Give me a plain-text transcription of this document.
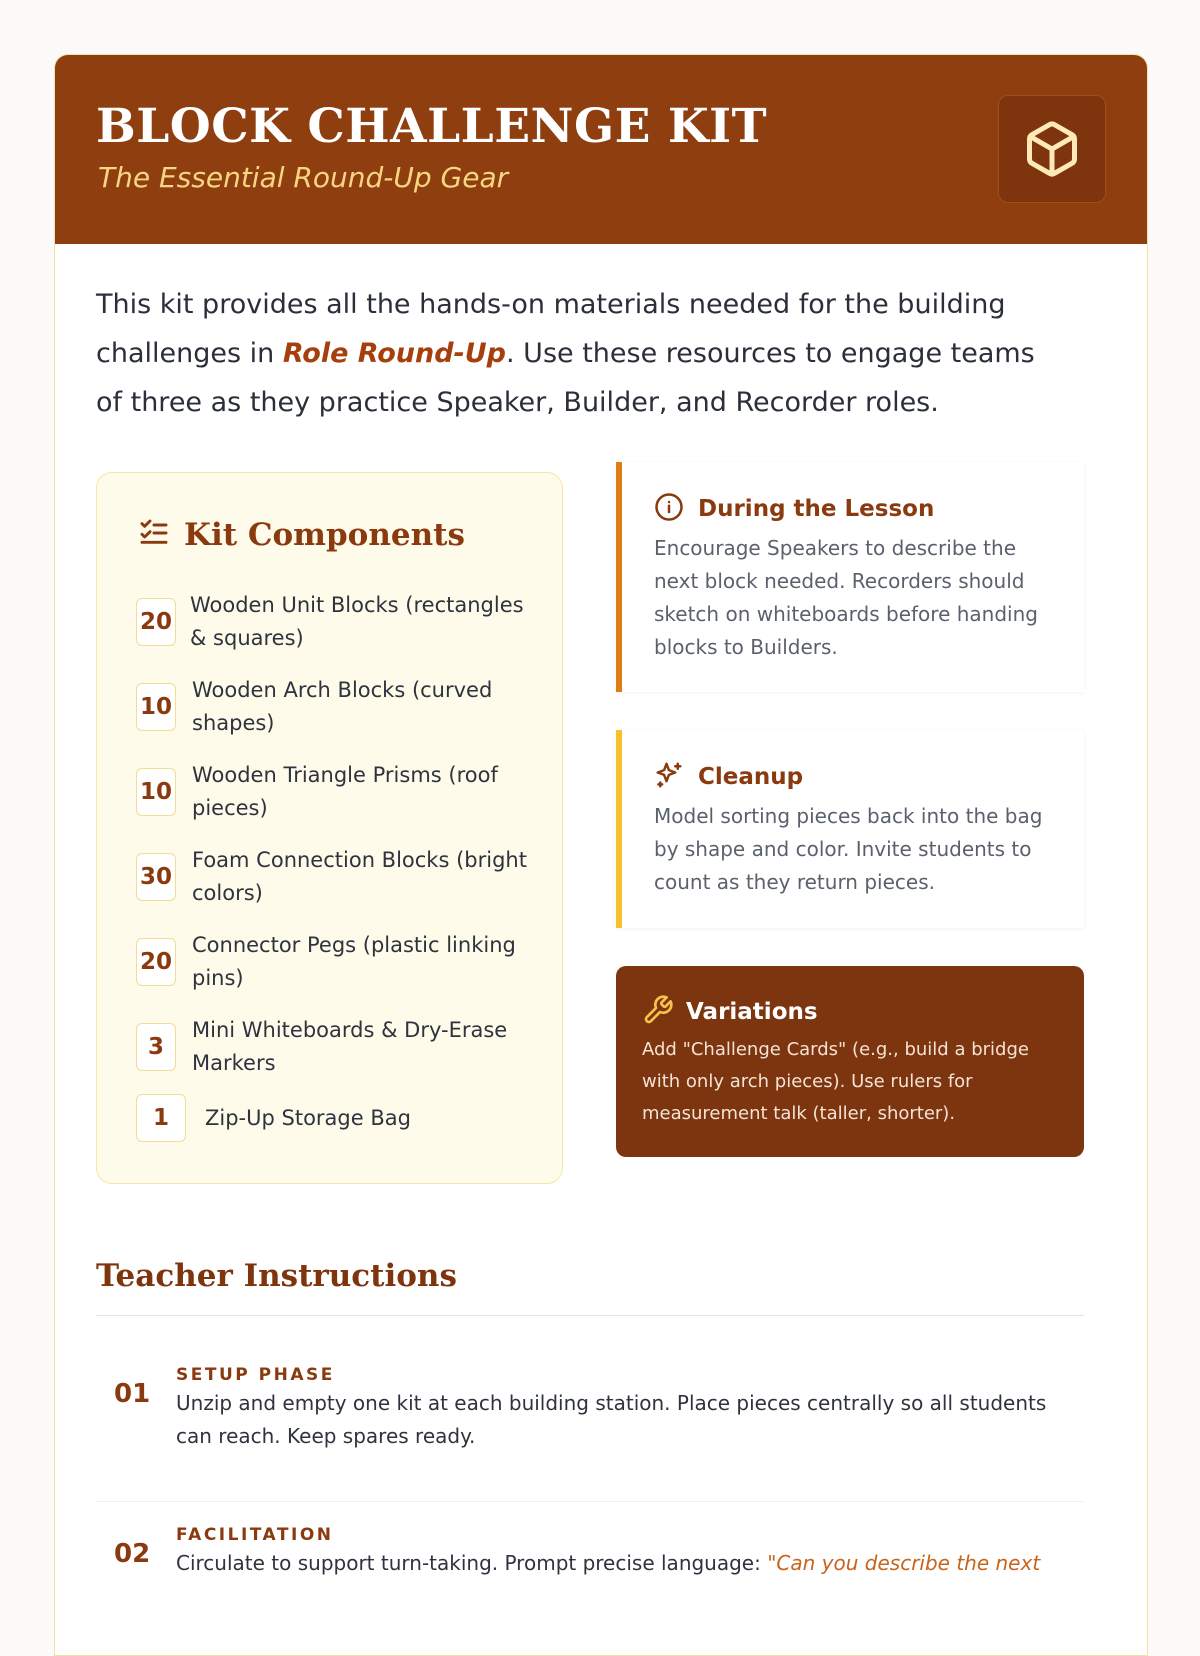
BLOCK CHALLENGE KIT

The Essential Round-Up Gear

This kit provides all the hands-on materials needed for the building challenges in Role Round-Up. Use these resources to engage teams of three as they practice Speaker, Builder, and Recorder roles.

Kit Components
20
Wooden Unit Blocks (rectangles & squares)
10
Wooden Arch Blocks (curved shapes)
10
Wooden Triangle Prisms (roof pieces)
30
Foam Connection Blocks (bright colors)
20
Connector Pegs (plastic linking pins)
3
Mini Whiteboards & Dry-Erase Markers
1	Zip-Up Storage Bag
During the Lesson

Encourage Speakers to describe the next block needed. Recorders should sketch on whiteboards before handing blocks to Builders.

Cleanup

Model sorting pieces back into the bag by shape and color. Invite students to count as they return pieces.

Variations

Add "Challenge Cards" (e.g., build a bridge with only arch pieces). Use rulers for measurement talk (taller, shorter).

Teacher Instructions
01
SETUP PHASE

Unzip and empty one kit at each building station. Place pieces centrally so all students can reach. Keep spares ready.

02
FACILITATION

Circulate to support turn-taking. Prompt precise language: "Can you describe the next
